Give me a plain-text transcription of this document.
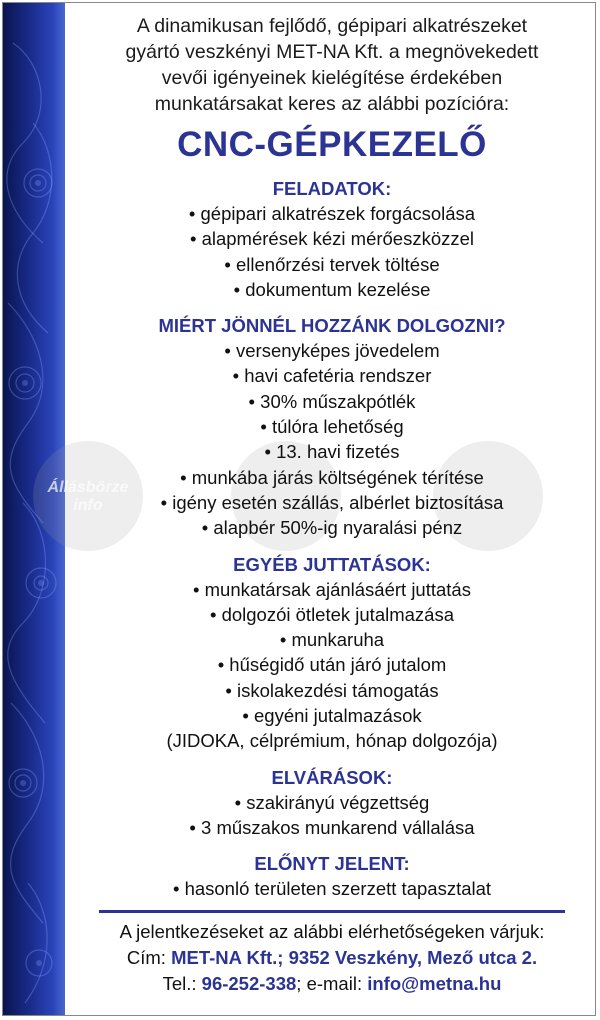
Állásbörze
info

A dinamikusan fejlődő, gépipari alkatrészeket
gyártó veszkényi MET-NA Kft. a megnövekedett
vevői igényeinek kielégítése érdekében
munkatársakat keres az alábbi pozícióra:

CNC-GÉPKEZELŐ
FELADATOK:
• gépipari alkatrészek forgácsolása
• alapmérések kézi mérőeszközzel
• ellenőrzési tervek töltése
• dokumentum kezelése
MIÉRT JÖNNÉL HOZZÁNK DOLGOZNI?
• versenyképes jövedelem
• havi cafetéria rendszer
• 30% műszakpótlék
• túlóra lehetőség
• 13. havi fizetés
• munkába járás költségének térítése
• igény esetén szállás, albérlet biztosítása
• alapbér 50%-ig nyaralási pénz
EGYÉB JUTTATÁSOK:
• munkatársak ajánlásáért juttatás
• dolgozói ötletek jutalmazása
• munkaruha
• hűségidő után járó jutalom
• iskolakezdési támogatás
• egyéni jutalmazások
(JIDOKA, célprémium, hónap dolgozója)
ELVÁRÁSOK:
• szakirányú végzettség
• 3 műszakos munkarend vállalása
ELŐNYT JELENT:
• hasonló területen szerzett tapasztalat
A jelentkezéseket az alábbi elérhetőségeken várjuk:
Cím: MET-NA Kft.; 9352 Veszkény, Mező utca 2.
Tel.: 96-252-338; e-mail: info@metna.hu
